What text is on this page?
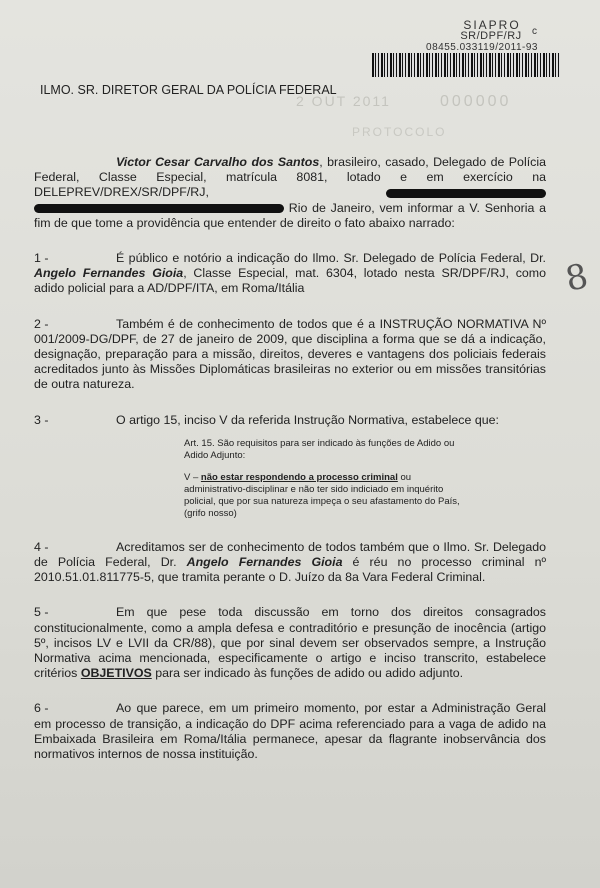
SIAPRO
SR/DPF/RJ
08455.033119/2011-93
c
2 OUT 2011	000000
PROTOCOLO
ILMO. SR. DIRETOR GERAL DA POLÍCIA FEDERAL
8

Victor Cesar Carvalho dos Santos, brasileiro, casado, Delegado de Polícia Federal, Classe Especial, matrícula 8081, lotado e em exercício na DELEPREV/DREX/SR/DPF/RJ,   Rio de Janeiro, vem informar a V. Senhoria a fim de que tome a providência que entender de direito o fato abaixo narrado:

1 -	É público e notório a indicação do Ilmo. Sr. Delegado de Polícia Federal, Dr. Angelo Fernandes Gioia, Classe Especial, mat. 6304, lotado nesta SR/DPF/RJ, como adido policial para a AD/DPF/ITA, em Roma/Itália

2 -	Também é de conhecimento de todos que é a INSTRUÇÃO NORMATIVA Nº 001/2009-DG/DPF, de 27 de janeiro de 2009, que disciplina a forma que se dá a indicação, designação, preparação para a missão, direitos, deveres e vantagens dos policiais federais acreditados junto às Missões Diplomáticas brasileiras no exterior ou em missões transitórias de outra natureza.

3 -	O artigo 15, inciso V da referida Instrução Normativa, estabelece que:

Art. 15. São requisitos para ser indicado às funções de Adido ou Adido Adjunto:

V – não estar respondendo a processo criminal ou administrativo-disciplinar e não ter sido indiciado em inquérito policial, que por sua natureza impeça o seu afastamento do País, (grifo nosso)

4 -	Acreditamos ser de conhecimento de todos também que o Ilmo. Sr. Delegado de Polícia Federal, Dr. Angelo Fernandes Gioia é réu no processo criminal nº 2010.51.01.811775-5, que tramita perante o D. Juízo da 8a Vara Federal Criminal.

5 -	Em que pese toda discussão em torno dos direitos consagrados constitucionalmente, como a ampla defesa e contraditório e presunção de inocência (artigo 5º, incisos LV e LVII da CR/88), que por sinal devem ser observados sempre, a Instrução Normativa acima mencionada, especificamente o artigo e inciso transcrito, estabelece critérios OBJETIVOS para ser indicado às funções de adido ou adido adjunto.

6 -	Ao que parece, em um primeiro momento, por estar a Administração Geral em processo de transição, a indicação do DPF acima referenciado para a vaga de adido na Embaixada Brasileira em Roma/Itália permanece, apesar da flagrante inobservância dos normativos internos de nossa instituição.
